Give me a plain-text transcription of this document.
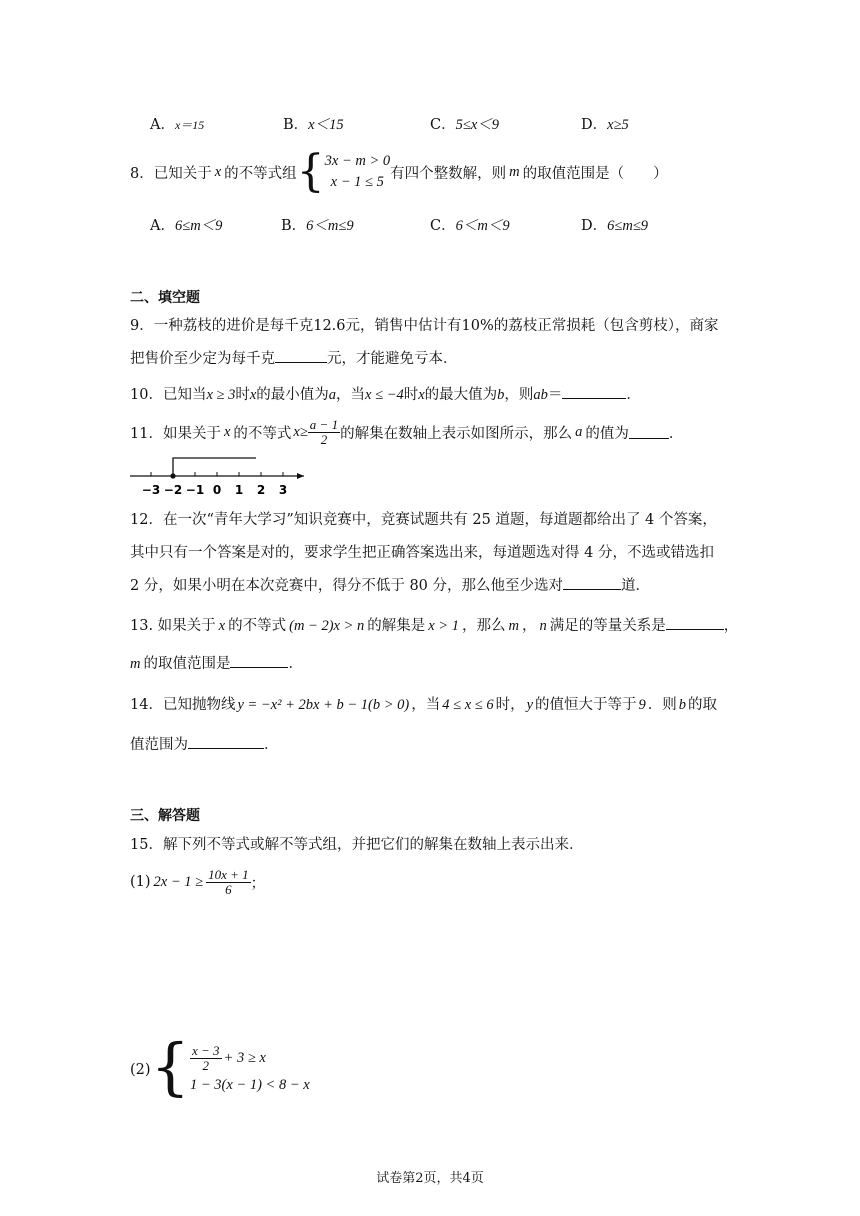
A．x＝15	B．x＜15	C．5≤x＜9	D．x≥5
8．已知关于 x 的不等式组 { 3x − m > 0
x − 1 ≤ 5
有四个整数解，则 m 的取值范围是（　　）
A．6≤m＜9	B．6＜m≤9	C．6＜m＜9	D．6≤m≤9
二、填空题
9．一种荔枝的进价是每千克12.6元，销售中估计有10%的荔枝正常损耗（包含剪枝），商家
把售价至少定为每千克	元，才能避免亏本．
10．已知当x ≥ 3时x的最小值为a，当x ≤ −4时x的最大值为b，则ab＝	．
11．如果关于 x 的不等式 $x\ge \frac{a - 1}{2}$ 的解集在数轴上表示如图所示，那么 a 的值为	．
−3 −2 −1 0 1 2 3
12．在一次“青年大学习”知识竞赛中，竞赛试题共有 25 道题，每道题都给出了 4 个答案，
其中只有一个答案是对的，要求学生把正确答案选出来，每道题选对得 4 分，不选或错选扣
2 分，如果小明在本次竞赛中，得分不低于 80 分，那么他至少选对	道．
13. 如果关于 x 的不等式 (m − 2)x > n 的解集是 x > 1 ，那么 m ， n 满足的等量关系是	，
m 的取值范围是	．
14．已知抛物线 y = −x² + 2bx + b − 1(b > 0) ，当 4 ≤ x ≤ 6 时， y 的值恒大于等于 9 ．则 b 的取
值范围为	．
三、解答题
15．解下列不等式或解不等式组，并把它们的解集在数轴上表示出来．
(1) $2x - 1 \ge \frac{10x + 1}{6}$ ；
(2) { $\frac{x - 3}{2} + 3 \ge x$
1 − 3(x − 1) < 8 − x
试卷第2页，共4页
